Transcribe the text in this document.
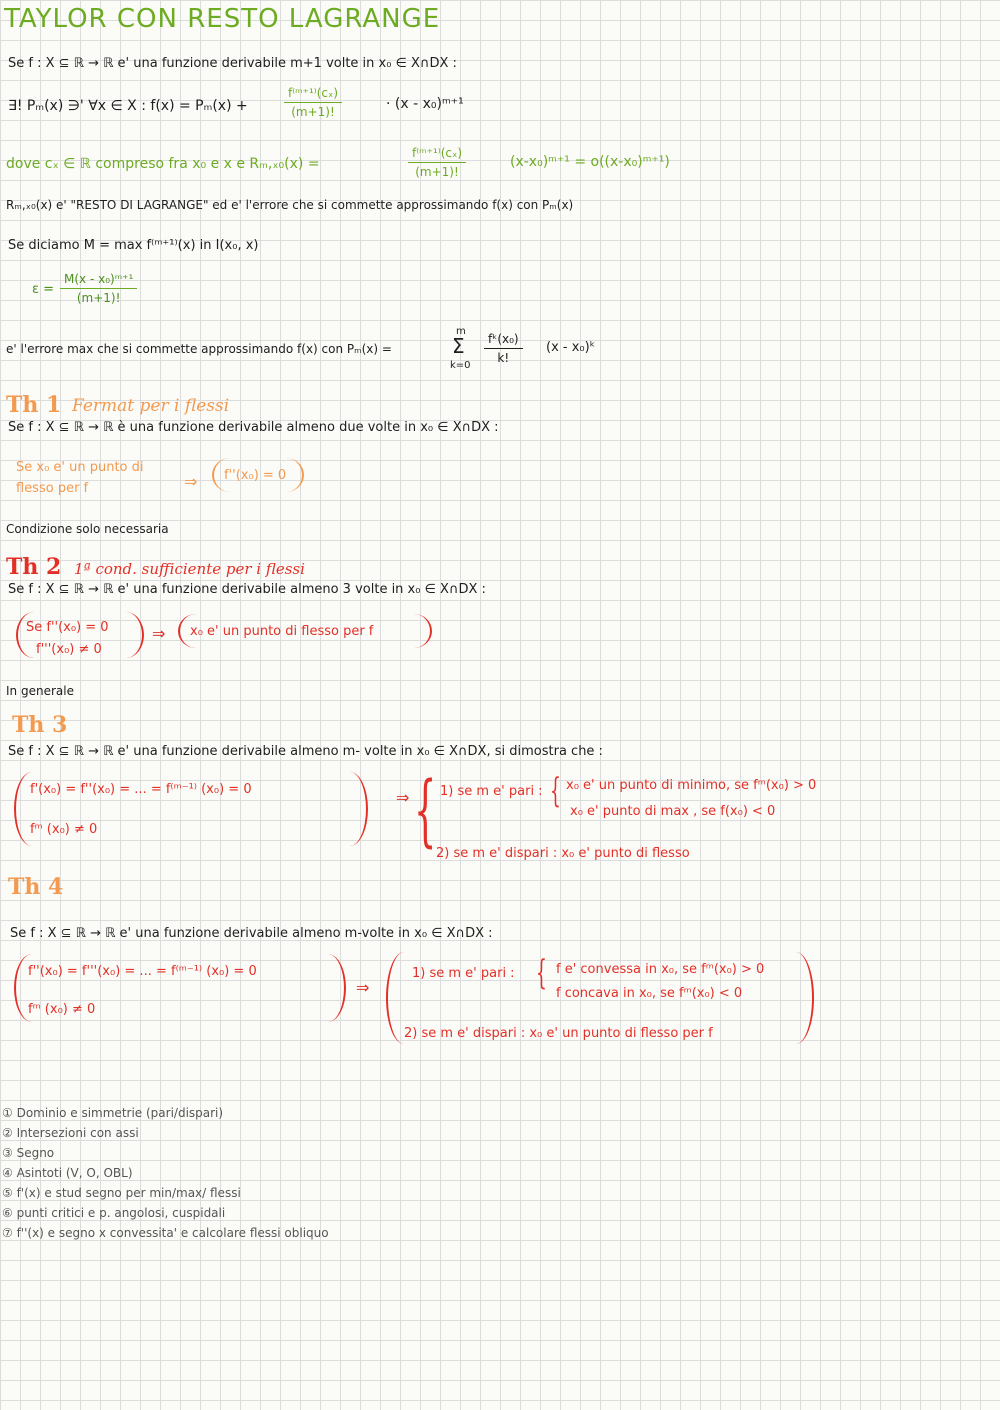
TAYLOR CON RESTO LAGRANGE
Se f : X ⊆ ℝ → ℝ e' una funzione derivabile m+1 volte in x₀ ∈ X∩DX :
∃! Pₘ(x) ∋' ∀x ∈ X : f(x) = Pₘ(x) +	$\frac{\text{f⁽ᵐ⁺¹⁾(cₓ)}}{(m+1)!}$	· (x - x₀)ᵐ⁺¹
dove cₓ ∈ ℝ compreso fra x₀ e x e Rₘ,ₓ₀(x) =	$\frac{\text{f⁽ᵐ⁺¹⁾(cₓ)}}{(m+1)!}$	(x-x₀)ᵐ⁺¹ = o((x-x₀)ᵐ⁺¹)
Rₘ,ₓ₀(x) e' "RESTO DI LAGRANGE" ed e' l'errore che si commette approssimando f(x) con Pₘ(x)
Se diciamo M = max f⁽ᵐ⁺¹⁾(x) in I(x₀, x)
$\varepsilon = \frac{\text{M(x - x₀)ᵐ⁺¹}}{(m+1)!}$
e' l'errore max che si commette approssimando f(x) con Pₘ(x) =
m
Σ
k=0
$\frac{\text{fᵏ(x₀)}}{k!} (x$ - x₀)ᵏ
Th 1 Fermat per i flessi
Se f : X ⊆ ℝ → ℝ è una funzione derivabile almeno due volte in x₀ ∈ X∩DX :
Se x₀ e' un punto di
flesso per f	⇒ f''(x₀) = 0
Condizione solo necessaria
Th 2 1ª cond. sufficiente per i flessi
Se f : X ⊆ ℝ → ℝ e' una funzione derivabile almeno 3 volte in x₀ ∈ X∩DX :
Se f''(x₀) = 0
f'''(x₀) ≠ 0
⇒ x₀ e' un punto di flesso per f
In generale
Th 3
Se f : X ⊆ ℝ → ℝ e' una funzione derivabile almeno m- volte in x₀ ∈ X∩DX, si dimostra che :
f'(x₀) = f''(x₀) = ... = f⁽ᵐ⁻¹⁾ (x₀) = 0
fᵐ (x₀) ≠ 0
⇒ { 1) se m e' pari : { x₀ e' un punto di minimo, se fᵐ(x₀) > 0
x₀ e' punto di max , se f(x₀) < 0
2) se m e' dispari : x₀ e' punto di flesso
Th 4
Se f : X ⊆ ℝ → ℝ e' una funzione derivabile almeno m-volte in x₀ ∈ X∩DX :
f''(x₀) = f'''(x₀) = ... = f⁽ᵐ⁻¹⁾ (x₀) = 0
fᵐ (x₀) ≠ 0
⇒
1) se m e' pari : { f e' convessa in x₀, se fᵐ(x₀) > 0
f concava in x₀, se fᵐ(x₀) < 0
2) se m e' dispari : x₀ e' un punto di flesso per f
① Dominio e simmetrie (pari/dispari)
② Intersezioni con assi
③ Segno
④ Asintoti (V, O, OBL)
⑤ f'(x) e stud segno per min/max/ flessi
⑥ punti critici e p. angolosi, cuspidali
⑦ f''(x) e segno x convessita' e calcolare flessi obliquo
